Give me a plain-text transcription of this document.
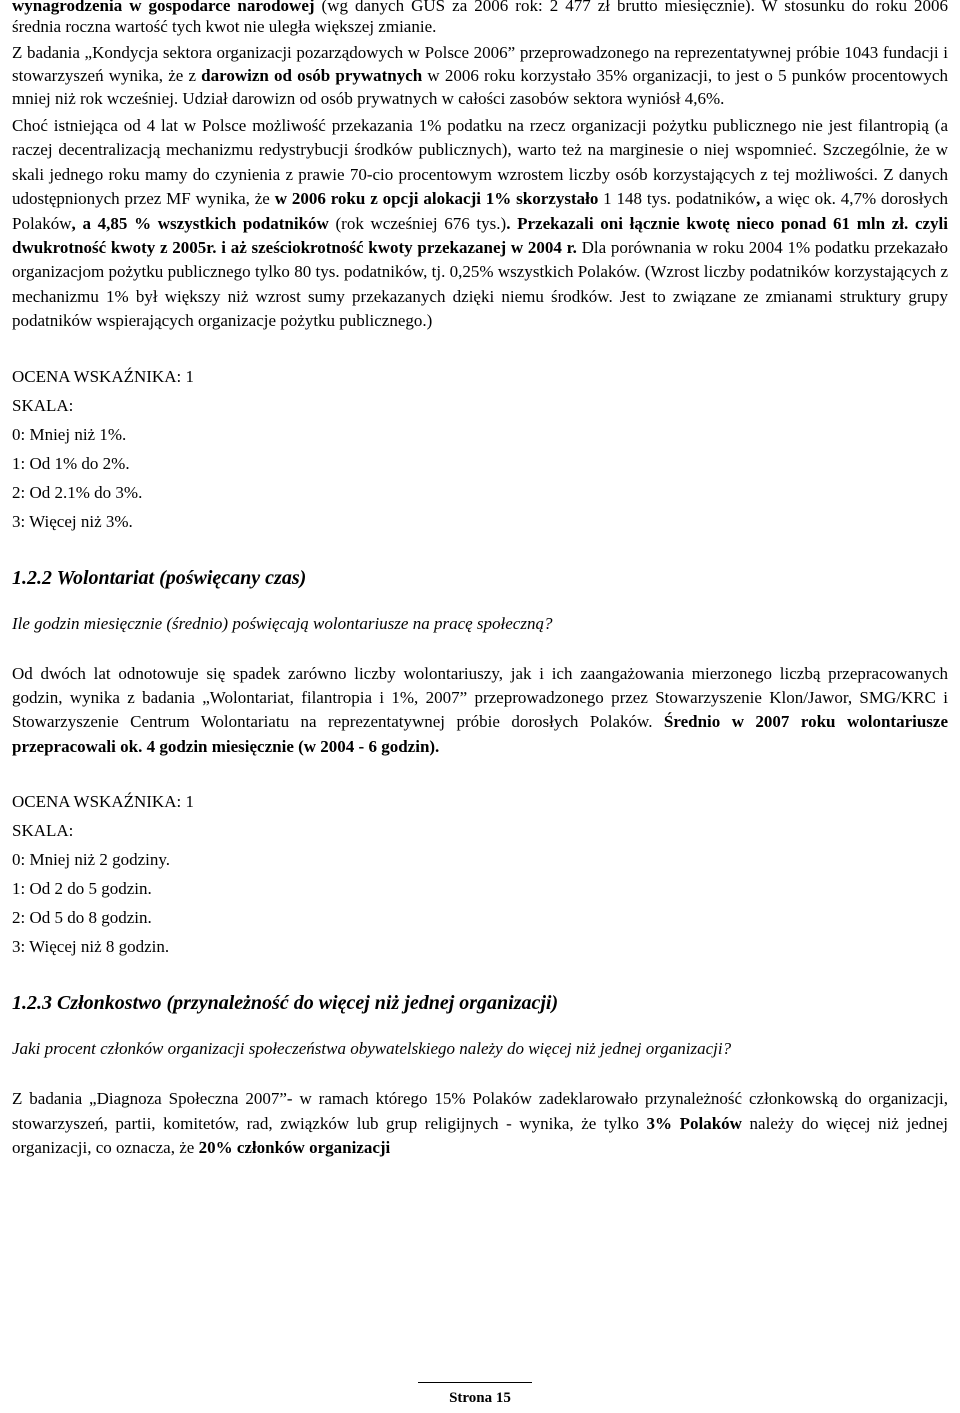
wynagrodzenia w gospodarce narodowej (wg danych GUS za 2006 rok: 2 477 zł brutto miesięcznie). W stosunku do roku 2006 średnia roczna wartość tych kwot nie uległa większej zmianie.

Z badania „Kondycja sektora organizacji pozarządowych w Polsce 2006” przeprowadzonego na reprezentatywnej próbie 1043 fundacji i stowarzyszeń wynika, że z darowizn od osób prywatnych w 2006 roku korzystało 35% organizacji, to jest o 5 punków procentowych mniej niż rok wcześniej. Udział darowizn od osób prywatnych w całości zasobów sektora wyniósł 4,6%.

Choć istniejąca od 4 lat w Polsce możliwość przekazania 1% podatku na rzecz organizacji pożytku publicznego nie jest filantropią (a raczej decentralizacją mechanizmu redystrybucji środków publicznych), warto też na marginesie o niej wspomnieć. Szczególnie, że w skali jednego roku mamy do czynienia z prawie 70-cio procentowym wzrostem liczby osób korzystających z tej możliwości. Z danych udostępnionych przez MF wynika, że w 2006 roku z opcji alokacji 1% skorzystało 1 148 tys. podatników, a więc ok. 4,7% dorosłych Polaków, a 4,85 % wszystkich podatników (rok wcześniej 676 tys.). Przekazali oni łącznie kwotę nieco ponad 61 mln zł. czyli dwukrotność kwoty z 2005r. i aż sześciokrotność kwoty przekazanej w 2004 r. Dla porównania w roku 2004 1% podatku przekazało organizacjom pożytku publicznego tylko 80 tys. podatników, tj. 0,25% wszystkich Polaków. (Wzrost liczby podatników korzystających z mechanizmu 1% był większy niż wzrost sumy przekazanych dzięki niemu środków. Jest to związane ze zmianami struktury grupy podatników wspierających organizacje pożytku publicznego.)

OCENA WSKAŹNIKA: 1

SKALA:

0: Mniej niż 1%.

1: Od 1% do 2%.

2: Od 2.1% do 3%.

3: Więcej niż 3%.

1.2.2 Wolontariat (poświęcany czas)

Ile godzin miesięcznie (średnio) poświęcają wolontariusze na pracę społeczną?

Od dwóch lat odnotowuje się spadek zarówno liczby wolontariuszy, jak i ich zaangażowania mierzonego liczbą przepracowanych godzin, wynika z badania „Wolontariat, filantropia i 1%, 2007” przeprowadzonego przez Stowarzyszenie Klon/Jawor, SMG/KRC i Stowarzyszenie Centrum Wolontariatu na reprezentatywnej próbie dorosłych Polaków. Średnio w 2007 roku wolontariusze przepracowali ok. 4 godzin miesięcznie (w 2004 - 6 godzin).

OCENA WSKAŹNIKA: 1

SKALA:

0: Mniej niż 2 godziny.

1: Od 2 do 5 godzin.

2: Od 5 do 8 godzin.

3: Więcej niż 8 godzin.

1.2.3 Członkostwo (przynależność do więcej niż jednej organizacji)

Jaki procent członków organizacji społeczeństwa obywatelskiego należy do więcej niż jednej organizacji?

Z badania „Diagnoza Społeczna 2007”- w ramach którego 15% Polaków zadeklarowało przynależność członkowską do organizacji, stowarzyszeń, partii, komitetów, rad, związków lub grup religijnych - wynika, że tylko 3% Polaków należy do więcej niż jednej organizacji, co oznacza, że 20% członków organizacji

Strona 15
